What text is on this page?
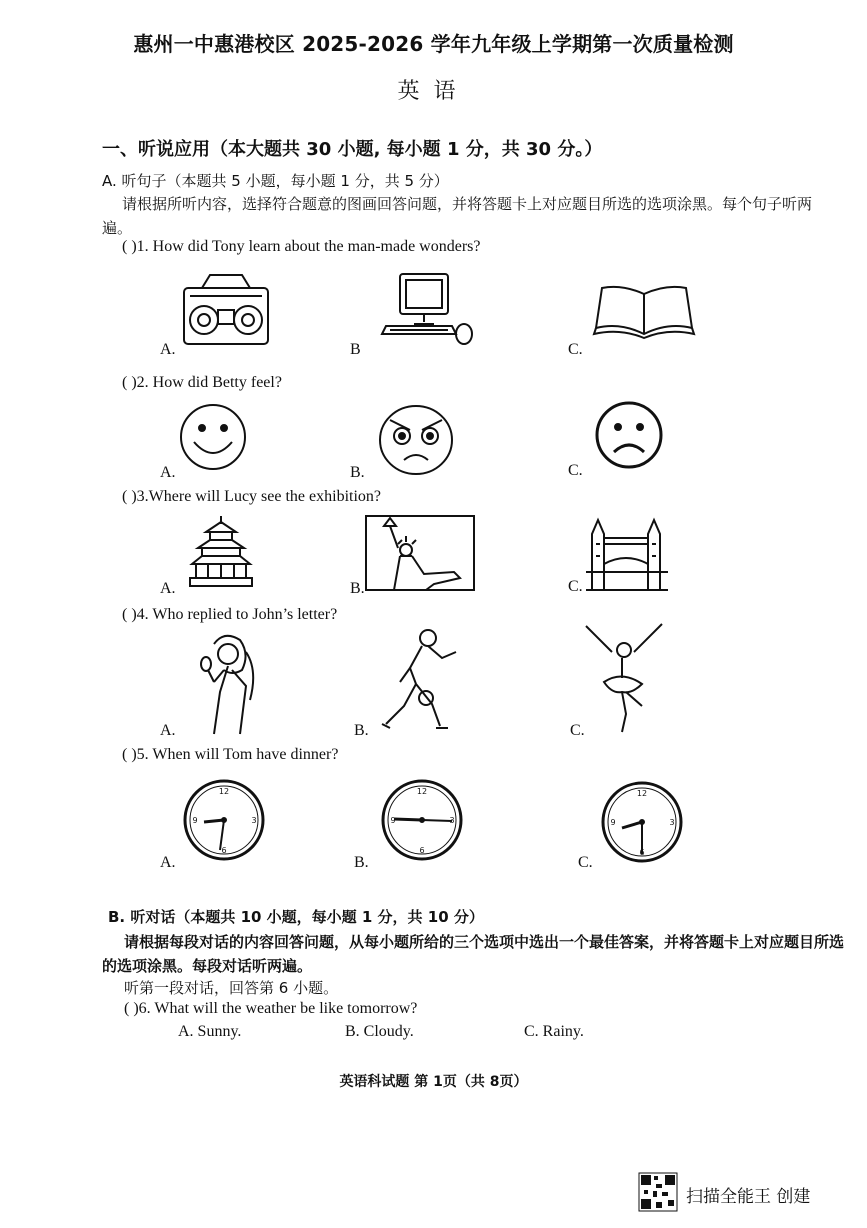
惠州一中惠港校区 2025-2026 学年九年级上学期第一次质量检测
英语
一、听说应用（本大题共 30 小题, 每小题 1 分，共 30 分。）
A. 听句子（本题共 5 小题，每小题 1 分，共 5 分）
请根据所听内容，选择符合题意的图画回答问题，并将答题卡上对应题目所选的选项涂黑。每个句子听两遍。
( )1. How did Tony learn about the man-made wonders?
A.	B	C.
( )2. How did Betty feel?
A.	B.	C.
( )3.Where will Lucy see the exhibition?
A.	B.	C.
( )4. Who replied to John’s letter?
A.	B.	C.
( )5. When will Tom have dinner?
12
3
6
9
A.
12
3
6
9
B.
12
3
6
9
C.
B. 听对话（本题共 10 小题，每小题 1 分，共 10 分）
请根据每段对话的内容回答问题，从每小题所给的三个选项中选出一个最佳答案，并将答题卡上对应题目所选的选项涂黑。每段对话听两遍。
听第一段对话，回答第 6 小题。
( )6. What will the weather be like tomorrow?
A. Sunny.	B. Cloudy.	C. Rainy.
英语科试题 第 1页（共 8页）
扫描全能王 创建
